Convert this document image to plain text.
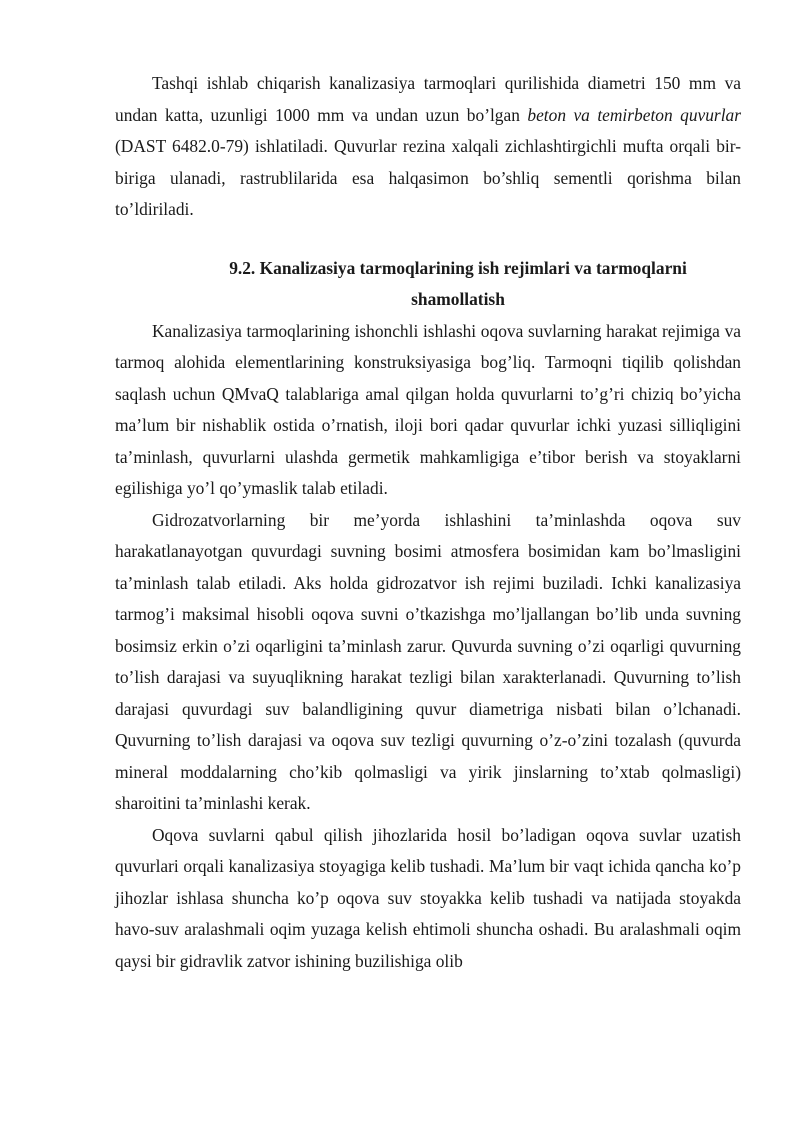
Tashqi ishlab chiqarish kanalizasiya tarmoqlari qurilishida diametri 150 mm va undan katta, uzunligi 1000 mm va undan uzun bo’lgan beton va temirbeton quvurlar (DAST 6482.0-79) ishlatiladi. Quvurlar rezina xalqali zichlashtirgichli mufta orqali bir-biriga ulanadi, rastrublilarida esa halqasimon bo’shliq sementli qorishma bilan to’ldiriladi.

9.2. Kanalizasiya tarmoqlarining ish rejimlari va tarmoqlarni
shamollatish

Kanalizasiya tarmoqlarining ishonchli ishlashi oqova suvlarning harakat rejimiga va tarmoq alohida elementlarining konstruksiyasiga bog’liq. Tarmoqni tiqilib qolishdan saqlash uchun QMvaQ talablariga amal qilgan holda quvurlarni to’g’ri chiziq bo’yicha ma’lum bir nishablik ostida o’rnatish, iloji bori qadar quvurlar ichki yuzasi silliqligini ta’minlash, quvurlarni ulashda germetik mahkamligiga e’tibor berish va stoyaklarni egilishiga yo’l qo’ymaslik talab etiladi.

Gidrozatvorlarning bir me’yorda ishlashini ta’minlashda oqova suv harakatlanayotgan quvurdagi suvning bosimi atmosfera bosimidan kam bo’lmasligini ta’minlash talab etiladi. Aks holda gidrozatvor ish rejimi buziladi. Ichki kanalizasiya tarmog’i maksimal hisobli oqova suvni o’tkazishga mo’ljallangan bo’lib unda suvning bosimsiz erkin o’zi oqarligini ta’minlash zarur. Quvurda suvning o’zi oqarligi quvurning to’lish darajasi va suyuqlikning harakat tezligi bilan xarakterlanadi. Quvurning to’lish darajasi quvurdagi suv balandligining quvur diametriga nisbati bilan o’lchanadi. Quvurning to’lish darajasi va oqova suv tezligi quvurning o’z-o’zini tozalash (quvurda mineral moddalarning cho’kib qolmasligi va yirik jinslarning to’xtab qolmasligi) sharoitini ta’minlashi kerak.

Oqova suvlarni qabul qilish jihozlarida hosil bo’ladigan oqova suvlar uzatish quvurlari orqali kanalizasiya stoyagiga kelib tushadi. Ma’lum bir vaqt ichida qancha ko’p jihozlar ishlasa shuncha ko’p oqova suv stoyakka kelib tushadi va natijada stoyakda havo-suv aralashmali oqim yuzaga kelish ehtimoli shuncha oshadi. Bu aralashmali oqim qaysi bir gidravlik zatvor ishining buzilishiga olib
